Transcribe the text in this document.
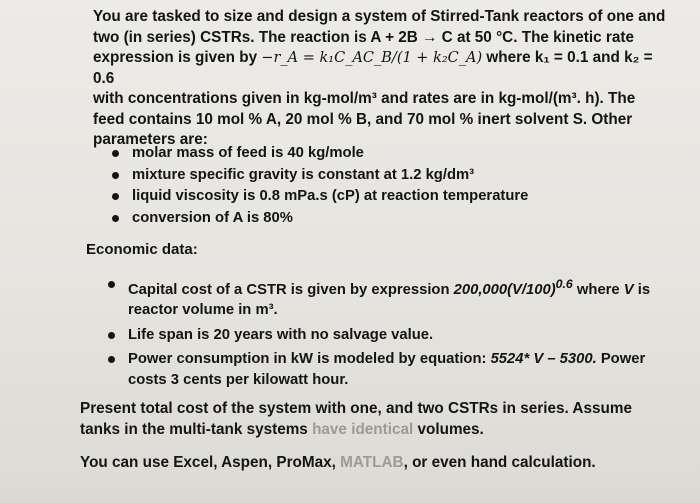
You are tasked to size and design a system of Stirred-Tank reactors of one and

two (in series) CSTRs. The reaction is A + 2B → C at 50 °C. The kinetic rate

expression is given by −r_A = k₁C_AC_B/(1 + k₂C_A) where k₁ = 0.1 and k₂ = 0.6

with concentrations given in kg-mol/m³ and rates are in kg-mol/(m³. h). The

feed contains 10 mol % A, 20 mol % B, and 70 mol % inert solvent S. Other

parameters are:

molar mass of feed is 40 kg/mole
mixture specific gravity is constant at 1.2 kg/dm³
liquid viscosity is 0.8 mPa.s (cP) at reaction temperature
conversion of A is 80%

Economic data:

Capital cost of a CSTR is given by expression $200,000(V/100)^{0.6}$ where V is reactor volume in m³.
Life span is 20 years with no salvage value.
Power consumption in kW is modeled by equation: 5524* V – 5300. Power costs 3 cents per kilowatt hour.

Present total cost of the system with one, and two CSTRs in series. Assume
tanks in the multi-tank systems have identical volumes.

You can use Excel, Aspen, ProMax, MATLAB, or even hand calculation.
